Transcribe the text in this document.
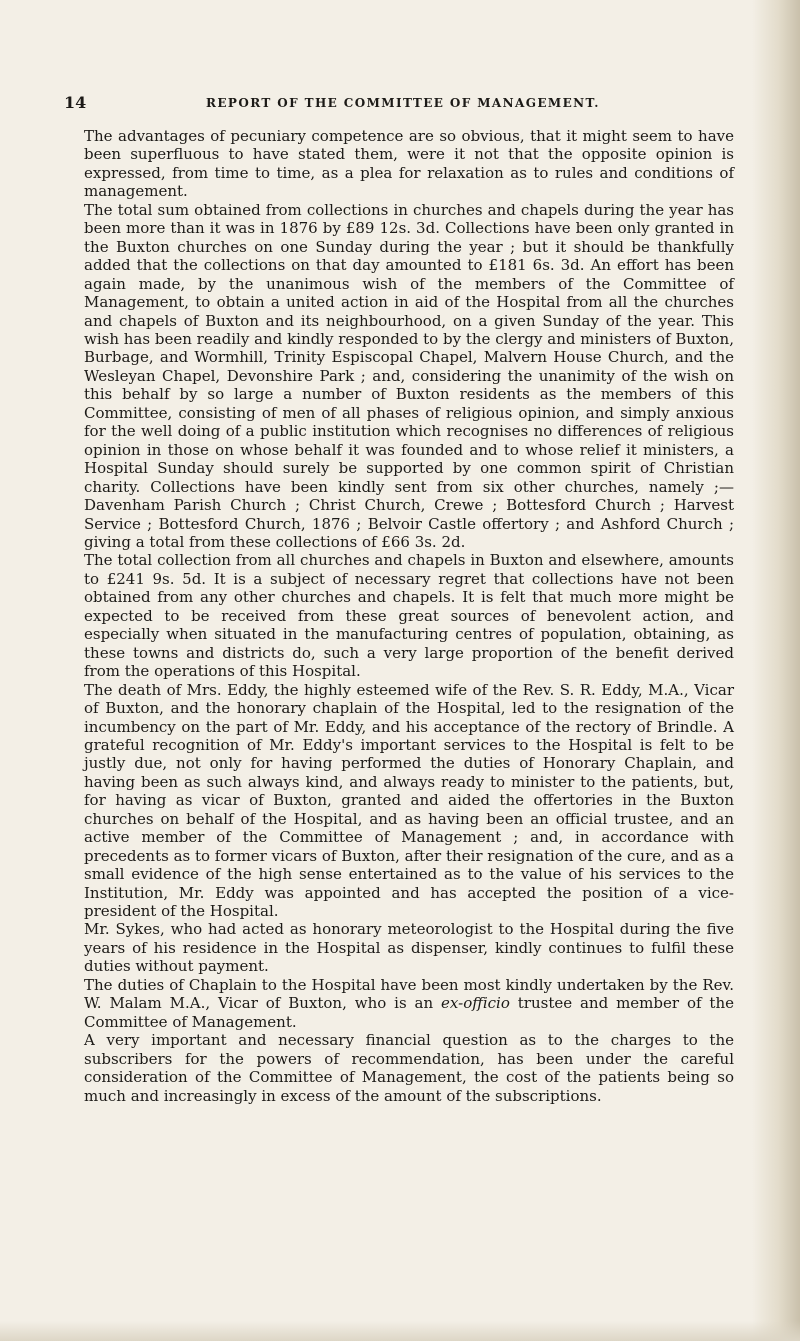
14	REPORT OF THE COMMITTEE OF MANAGEMENT.

The advantages of pecuniary competence are so obvious, that it might seem to have been superfluous to have stated them, were it not that the opposite opinion is expressed, from time to time, as a plea for relaxation as to rules and conditions of management.

The total sum obtained from collections in churches and chapels during the year has been more than it was in 1876 by £89 12s. 3d. Collections have been only granted in the Buxton churches on one Sunday during the year ; but it should be thankfully added that the collections on that day amounted to £181 6s. 3d. An effort has been again made, by the unanimous wish of the members of the Committee of Management, to obtain a united action in aid of the Hospital from all the churches and chapels of Buxton and its neighbourhood, on a given Sunday of the year. This wish has been readily and kindly responded to by the clergy and ministers of Buxton, Burbage, and Wormhill, Trinity Espiscopal Chapel, Malvern House Church, and the Wesleyan Chapel, Devonshire Park ; and, considering the unanimity of the wish on this behalf by so large a number of Buxton residents as the members of this Committee, consisting of men of all phases of religious opinion, and simply anxious for the well doing of a public institution which recognises no differences of religious opinion in those on whose behalf it was founded and to whose relief it ministers, a Hospital Sunday should surely be supported by one common spirit of Christian charity. Collections have been kindly sent from six other churches, namely ;—Davenham Parish Church ; Christ Church, Crewe ; Bottesford Church ; Harvest Service ; Bottesford Church, 1876 ; Belvoir Castle offertory ; and Ashford Church ; giving a total from these collections of £66 3s. 2d.

The total collection from all churches and chapels in Buxton and elsewhere, amounts to £241 9s. 5d. It is a subject of necessary regret that collections have not been obtained from any other churches and chapels. It is felt that much more might be expected to be received from these great sources of benevolent action, and especially when situated in the manufacturing centres of population, obtaining, as these towns and districts do, such a very large proportion of the benefit derived from the operations of this Hospital.

The death of Mrs. Eddy, the highly esteemed wife of the Rev. S. R. Eddy, M.A., Vicar of Buxton, and the honorary chaplain of the Hospital, led to the resignation of the incumbency on the part of Mr. Eddy, and his acceptance of the rectory of Brindle. A grateful recognition of Mr. Eddy's important services to the Hospital is felt to be justly due, not only for having performed the duties of Honorary Chaplain, and having been as such always kind, and always ready to minister to the patients, but, for having as vicar of Buxton, granted and aided the offertories in the Buxton churches on behalf of the Hospital, and as having been an official trustee, and an active member of the Committee of Management ; and, in accordance with precedents as to former vicars of Buxton, after their resignation of the cure, and as a small evidence of the high sense entertained as to the value of his services to the Institution, Mr. Eddy was appointed and has accepted the position of a vice-president of the Hospital.

Mr. Sykes, who had acted as honorary meteorologist to the Hospital during the five years of his residence in the Hospital as dispenser, kindly continues to fulfil these duties without payment.

The duties of Chaplain to the Hospital have been most kindly undertaken by the Rev. W. Malam M.A., Vicar of Buxton, who is an ex-officio trustee and member of the Committee of Management.

A very important and necessary financial question as to the charges to the subscribers for the powers of recommendation, has been under the careful consideration of the Committee of Management, the cost of the patients being so much and increasingly in excess of the amount of the subscriptions.
